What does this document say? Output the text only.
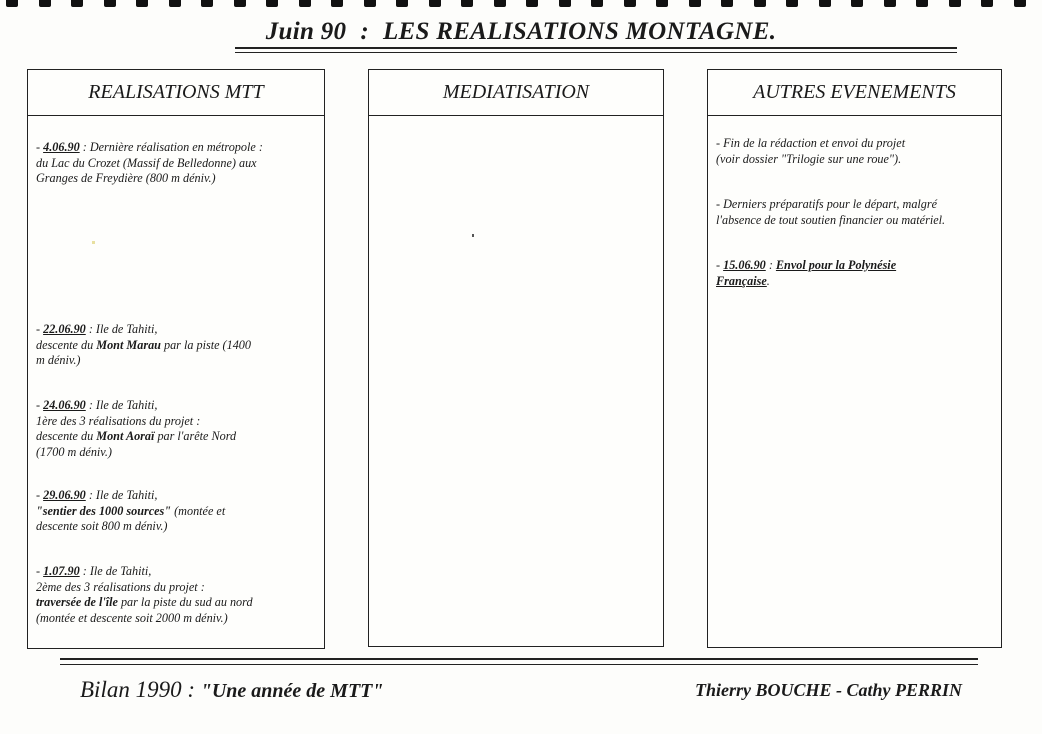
Juin 90 : LES REALISATIONS MONTAGNE.
REALISATIONS MTT
- 4.06.90 : Dernière réalisation en métropole :
du Lac du Crozet (Massif de Belledonne) aux
Granges de Freydière (800 m déniv.)
- 22.06.90 : Ile de Tahiti,
descente du Mont Marau par la piste (1400
m déniv.)
- 24.06.90 : Ile de Tahiti,
1ère des 3 réalisations du projet :
descente du Mont Aoraï par l'arête Nord
(1700 m déniv.)
- 29.06.90 : Ile de Tahiti,
"sentier des 1000 sources" (montée et
descente soit 800 m déniv.)
- 1.07.90 : Ile de Tahiti,
2ème des 3 réalisations du projet :
traversée de l'île par la piste du sud au nord
(montée et descente soit 2000 m déniv.)
MEDIATISATION	AUTRES EVENEMENTS
- Fin de la rédaction et envoi du projet
(voir dossier "Trilogie sur une roue").
- Derniers préparatifs pour le départ, malgré
l'absence de tout soutien financier ou matériel.
- 15.06.90 : Envol pour la Polynésie
Française.
Bilan 1990 : "Une année de MTT"	Thierry BOUCHE - Cathy PERRIN
